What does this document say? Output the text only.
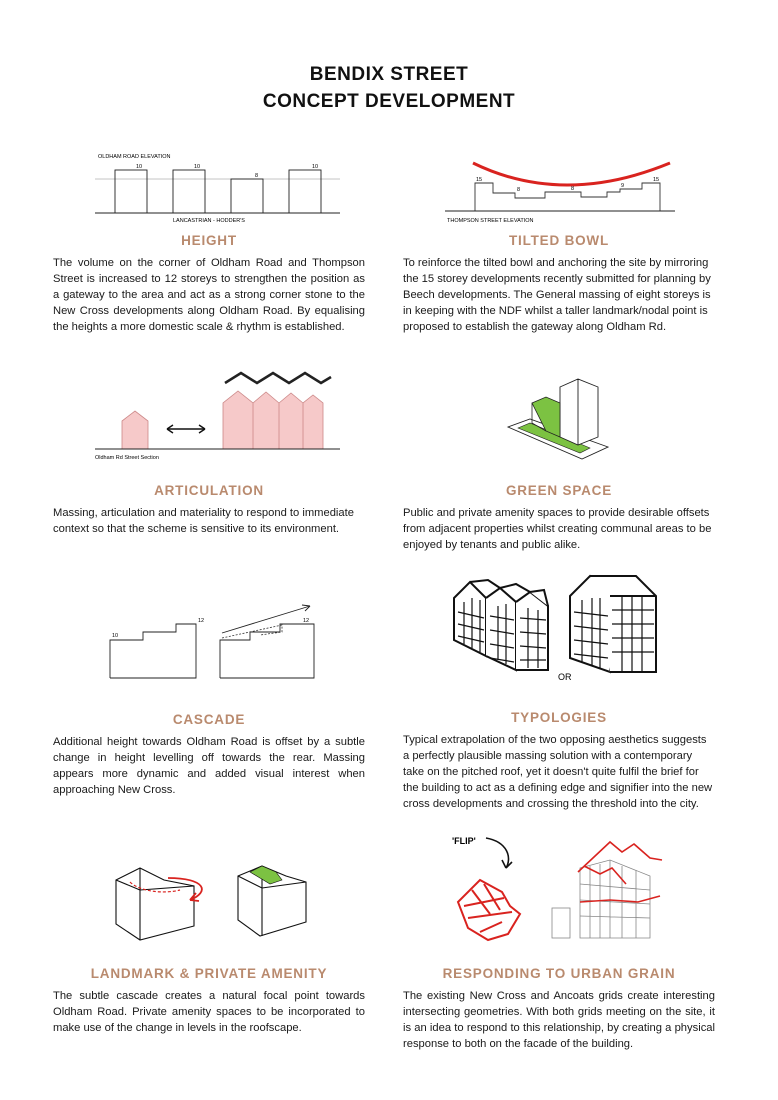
BENDIX STREET
CONCEPT DEVELOPMENT
OLDHAM ROAD ELEVATION
10	10
8
10
LANCASTRIAN - HODDER'S
15
8	8	9
15
THOMPSON STREET ELEVATION
Oldham Rd Street Section
10
12	12
OR
'FLIP'
HEIGHT

The volume on the corner of Oldham Road and Thompson Street is increased to 12 storeys to strengthen the position as a gateway to the area and act as a strong corner stone to the New Cross developments along Oldham Road. By equalising the heights a more domestic scale & rhythm is established.

TILTED BOWL

To reinforce the tilted bowl and anchoring the site by mirroring the 15 storey developments recently submitted for planning by Beech developments. The General massing of eight storeys is in keeping with the NDF whilst a taller landmark/nodal point is proposed to establish the gateway along Oldham Rd.

ARTICULATION

Massing, articulation and materiality to respond to immediate context so that the scheme is sensitive to its environment.

GREEN SPACE

Public and private amenity spaces to provide desirable offsets from adjacent properties whilst creating communal areas to be enjoyed by tenants and public alike.

CASCADE

Additional height towards Oldham Road is offset by a subtle change in height levelling off towards the rear. Massing appears more dynamic and added visual interest when approaching New Cross.

TYPOLOGIES

Typical extrapolation of the two opposing aesthetics suggests a perfectly plausible massing solution with a contemporary take on the pitched roof, yet it doesn't quite fulfil the brief for the building to act as a defining edge and signifier into the new cross developments and crossing the threshold into the city.

LANDMARK & PRIVATE AMENITY

The subtle cascade creates a natural focal point towards Oldham Road. Private amenity spaces to be incorporated to make use of the change in levels in the roofscape.

RESPONDING TO URBAN GRAIN

The existing New Cross and Ancoats grids create interesting intersecting geometries. With both grids meeting on the site, it is an idea to respond to this relationship, by creating a physical response to both on the facade of the building.
